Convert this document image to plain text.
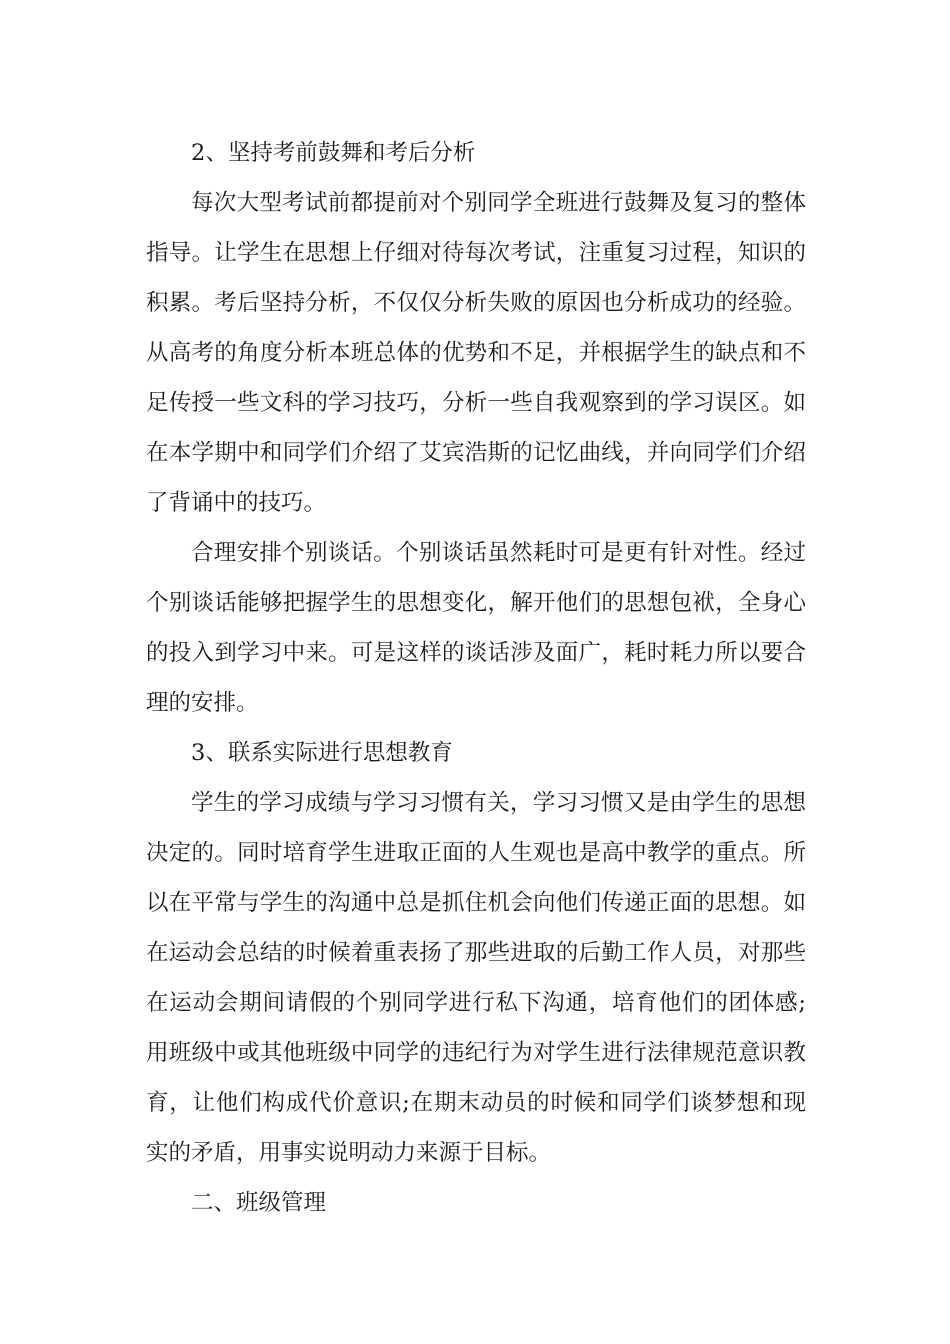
2、坚持考前鼓舞和考后分析

每次大型考试前都提前对个别同学全班进行鼓舞及复习的整体指导。让学生在思想上仔细对待每次考试，注重复习过程，知识的积累。考后坚持分析，不仅仅分析失败的原因也分析成功的经验。从高考的角度分析本班总体的优势和不足，并根据学生的缺点和不足传授一些文科的学习技巧，分析一些自我观察到的学习误区。如在本学期中和同学们介绍了艾宾浩斯的记忆曲线，并向同学们介绍了背诵中的技巧。

合理安排个别谈话。个别谈话虽然耗时可是更有针对性。经过个别谈话能够把握学生的思想变化，解开他们的思想包袱，全身心的投入到学习中来。可是这样的谈话涉及面广，耗时耗力所以要合理的安排。

3、联系实际进行思想教育

学生的学习成绩与学习习惯有关，学习习惯又是由学生的思想决定的。同时培育学生进取正面的人生观也是高中教学的重点。所以在平常与学生的沟通中总是抓住机会向他们传递正面的思想。如在运动会总结的时候着重表扬了那些进取的后勤工作人员，对那些在运动会期间请假的个别同学进行私下沟通，培育他们的团体感;用班级中或其他班级中同学的违纪行为对学生进行法律规范意识教育，让他们构成代价意识;在期末动员的时候和同学们谈梦想和现实的矛盾，用事实说明动力来源于目标。

二、班级管理
